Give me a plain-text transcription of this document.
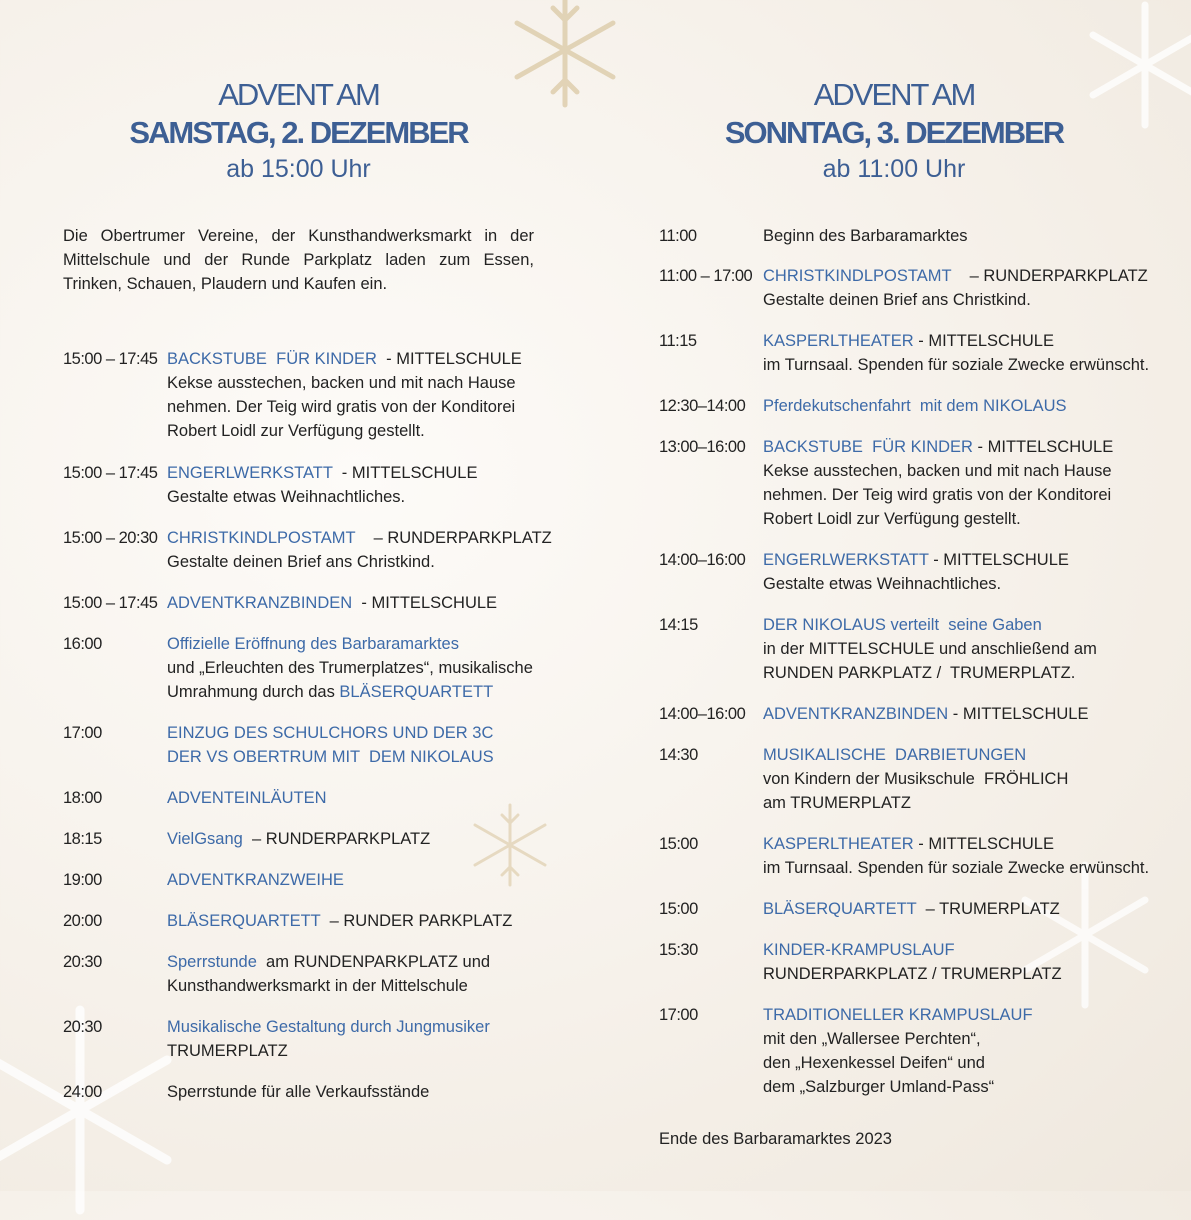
ADVENT AM
SAMSTAG, 2. DEZEMBER
ab 15:00 Uhr
ADVENT AM
SONNTAG, 3. DEZEMBER
ab 11:00 Uhr
Die Obertrumer Vereine, der Kunsthandwerksmarkt in der Mittelschule und der Runde Parkplatz laden zum Essen, Trinken, Schauen, Plaudern und Kaufen ein.
15:00 – 17:45 BACKSTUBE  FÜR KINDER  - MITTELSCHULE
Kekse ausstechen, backen und mit nach Hause
nehmen. Der Teig wird gratis von der Konditorei
Robert Loidl zur Verfügung gestellt.
15:00 – 17:45 ENGERLWERKSTATT  - MITTELSCHULE
Gestalte etwas Weihnachtliches.
15:00 – 20:30 CHRISTKINDLPOSTAMT    – RUNDERPARKPLATZ
Gestalte deinen Brief ans Christkind.
15:00 – 17:45 ADVENTKRANZBINDEN  - MITTELSCHULE
16:00	Offizielle Eröffnung des Barbaramarktes
und „Erleuchten des Trumerplatzes“, musikalische
Umrahmung durch das BLÄSERQUARTETT
17:00	EINZUG DES SCHULCHORS UND DER 3C
DER VS OBERTRUM MIT  DEM NIKOLAUS
18:00	ADVENTEINLÄUTEN
18:15	VielGsang  – RUNDERPARKPLATZ
19:00	ADVENTKRANZWEIHE
20:00	BLÄSERQUARTETT  – RUNDER PARKPLATZ
20:30	Sperrstunde  am RUNDENPARKPLATZ und
Kunsthandwerksmarkt in der Mittelschule
20:30	Musikalische Gestaltung durch Jungmusiker
TRUMERPLATZ
24:00	Sperrstunde für alle Verkaufsstände
11:00	Beginn des Barbaramarktes
11:00 – 17:00 CHRISTKINDLPOSTAMT    – RUNDERPARKPLATZ
Gestalte deinen Brief ans Christkind.
11:15	KASPERLTHEATER - MITTELSCHULE
im Turnsaal. Spenden für soziale Zwecke erwünscht.
12:30–14:00	Pferdekutschenfahrt  mit dem NIKOLAUS
13:00–16:00	BACKSTUBE  FÜR KINDER - MITTELSCHULE
Kekse ausstechen, backen und mit nach Hause
nehmen. Der Teig wird gratis von der Konditorei
Robert Loidl zur Verfügung gestellt.
14:00–16:00	ENGERLWERKSTATT - MITTELSCHULE
Gestalte etwas Weihnachtliches.
14:15	DER NIKOLAUS verteilt  seine Gaben
in der MITTELSCHULE und anschließend am
RUNDEN PARKPLATZ /  TRUMERPLATZ.
14:00–16:00	ADVENTKRANZBINDEN - MITTELSCHULE
14:30	MUSIKALISCHE  DARBIETUNGEN
von Kindern der Musikschule  FRÖHLICH
am TRUMERPLATZ
15:00	KASPERLTHEATER - MITTELSCHULE
im Turnsaal. Spenden für soziale Zwecke erwünscht.
15:00	BLÄSERQUARTETT  – TRUMERPLATZ
15:30	KINDER-KRAMPUSLAUF
RUNDERPARKPLATZ / TRUMERPLATZ
17:00	TRADITIONELLER KRAMPUSLAUF
mit den „Wallersee Perchten“,
den „Hexenkessel Deifen“ und
dem „Salzburger Umland-Pass“
Ende des Barbaramarktes 2023
